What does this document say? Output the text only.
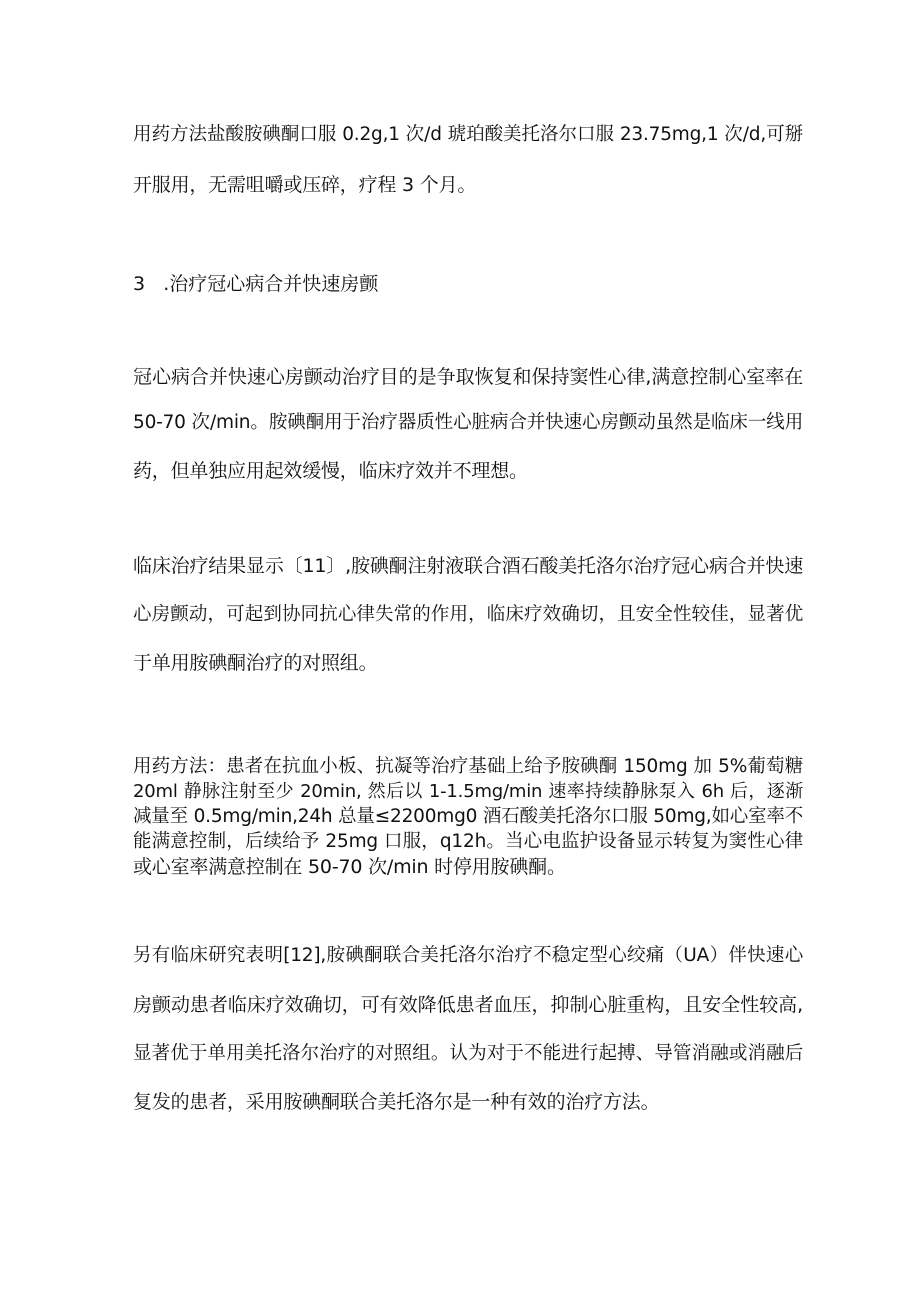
用药方法盐酸胺碘酮口服 0.2g,1 次/d 琥珀酸美托洛尔口服 23.75mg,1 次/d,可掰
开服用，无需咀嚼或压碎，疗程 3 个月。
3   .治疗冠心病合并快速房颤
冠心病合并快速心房颤动治疗目的是争取恢复和保持窦性心律,满意控制心室率在
50-70 次/min。胺碘酮用于治疗器质性心脏病合并快速心房颤动虽然是临床一线用
药，但单独应用起效缓慢，临床疗效并不理想。
临床治疗结果显示〔11〕,胺碘酮注射液联合酒石酸美托洛尔治疗冠心病合并快速
心房颤动，可起到协同抗心律失常的作用，临床疗效确切，且安全性较佳，显著优
于单用胺碘酮治疗的对照组。
用药方法：患者在抗血小板、抗凝等治疗基础上给予胺碘酮 150mg 加 5%葡萄糖
20ml 静脉注射至少 20min, 然后以 1-1.5mg/min 速率持续静脉泵入 6h 后，逐渐
减量至 0.5mg/min,24h 总量≤2200mg0 酒石酸美托洛尔口服 50mg,如心室率不
能满意控制，后续给予 25mg 口服，q12h。当心电监护设备显示转复为窦性心律
或心室率满意控制在 50-70 次/min 时停用胺碘酮。
另有临床研究表明[12],胺碘酮联合美托洛尔治疗不稳定型心绞痛（UA）伴快速心
房颤动患者临床疗效确切，可有效降低患者血压，抑制心脏重构，且安全性较高,
显著优于单用美托洛尔治疗的对照组。认为对于不能进行起搏、导管消融或消融后
复发的患者，采用胺碘酮联合美托洛尔是一种有效的治疗方法。
